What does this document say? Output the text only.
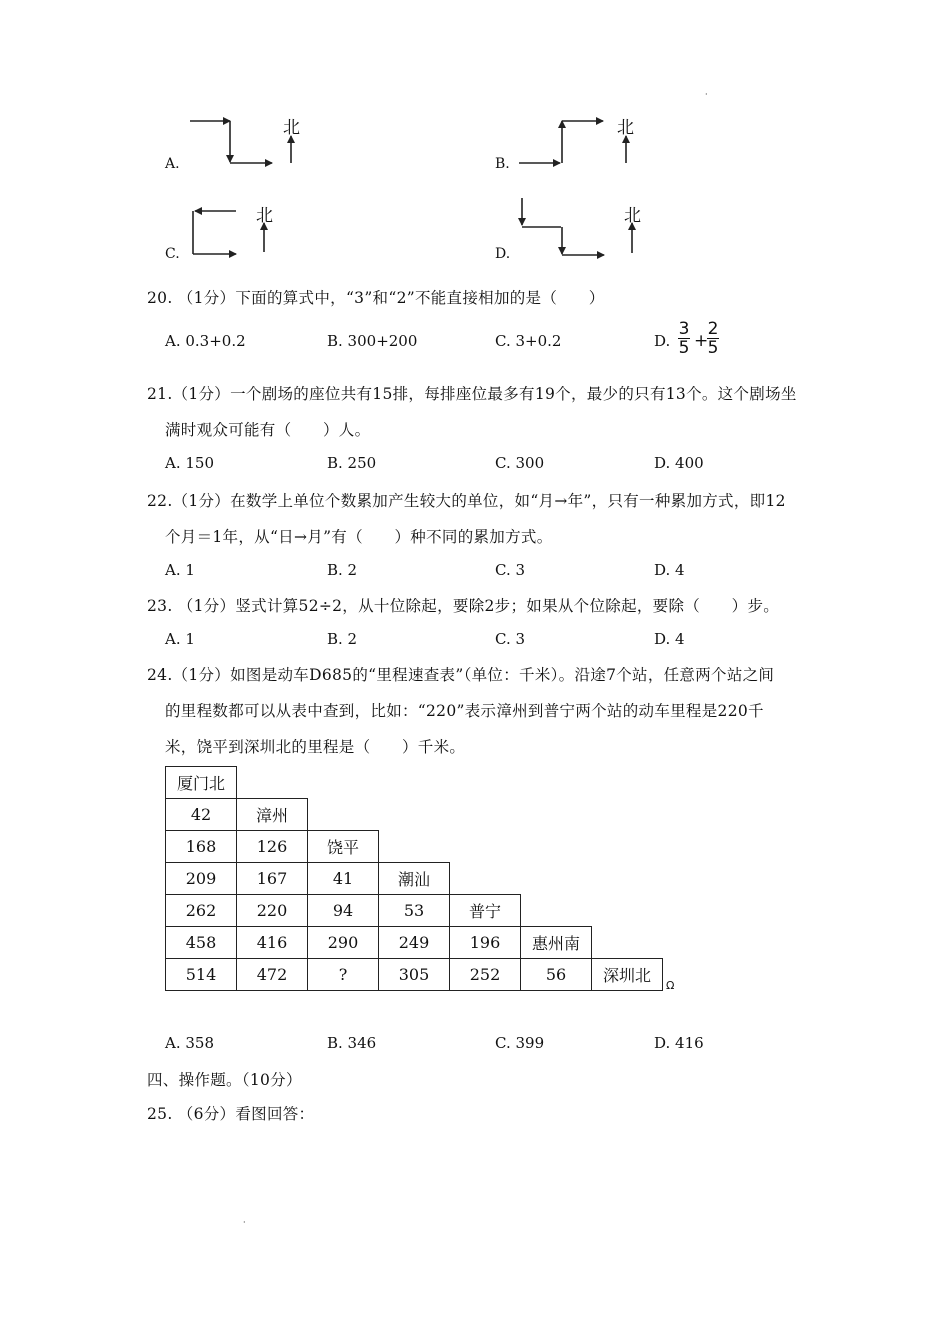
北	北
北	北
A.	B.
C.	D.
·
20. （1分）下面的算式中，“3”和“2”不能直接相加的是（　　）
A. 0.3+0.2	B. 300+200	C. 3+0.2	D.
3
5 +
2
5
21.（1分）一个剧场的座位共有15排，每排座位最多有19个，最少的只有13个。这个剧场坐
满时观众可能有（　　）人。
A. 150	B. 250	C. 300	D. 400
22.（1分）在数学上单位个数累加产生较大的单位，如“月→年”，只有一种累加方式，即12
个月＝1年，从“日→月”有（　　）种不同的累加方式。
A. 1	B. 2	C. 3	D. 4
23. （1分）竖式计算52÷2，从十位除起，要除2步；如果从个位除起，要除（　　）步。
A. 1	B. 2	C. 3	D. 4
24.（1分）如图是动车D685的“里程速查表”（单位：千米）。沿途7个站，任意两个站之间
的里程数都可以从表中查到，比如：“220”表示漳州到普宁两个站的动车里程是220千
米，饶平到深圳北的里程是（　　）千米。
厦门北						
42	漳州					
168	126	饶平				
209	167	41	潮汕			
262	220	94	53	普宁		
458	416	290	249	196	惠州南	
514	472	?	305	252	56	深圳北
Ω
A. 358	B. 346	C. 399	D. 416
四、操作题。（10分）
25. （6分）看图回答：
·
